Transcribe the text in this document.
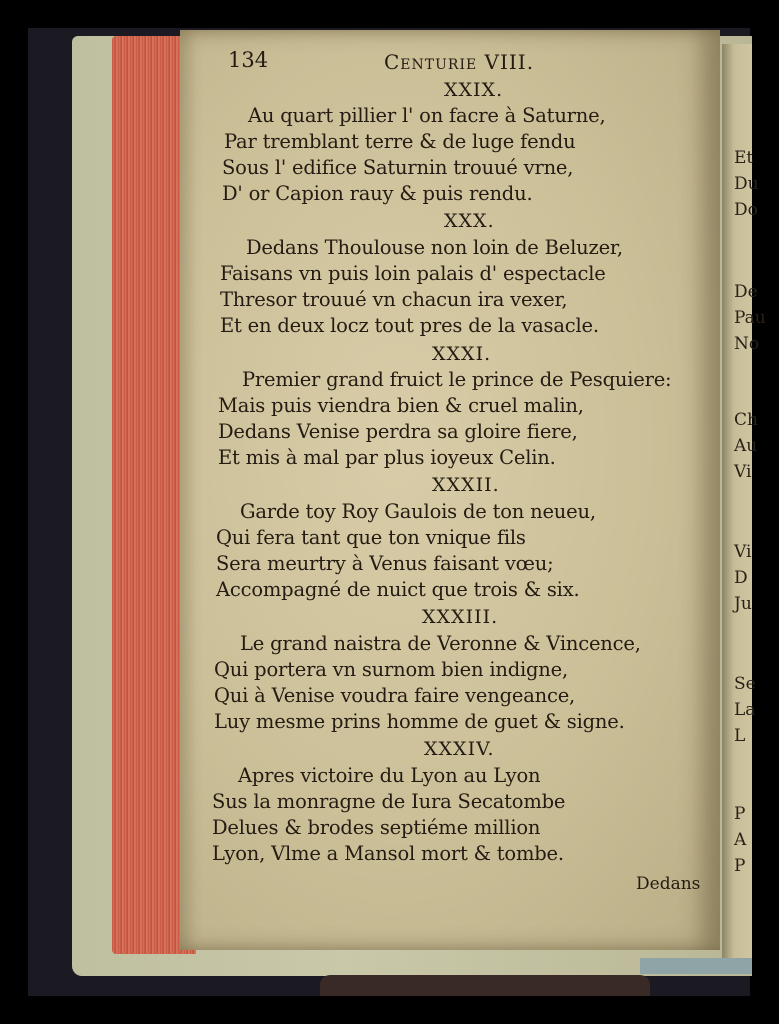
Et
Du
Do
De
Pau
No
Ch
Au
Vi
Vi
D
Ju
Se
La
L
P
A
P
134	Centurie VIII.
XXIX.
Au quart pillier l' on facre à Saturne,
Par tremblant terre & de luge fendu
Sous l' edifice Saturnin trouué vrne,
D' or Capion rauy & puis rendu.
XXX.
Dedans Thoulouse non loin de Beluzer,
Faisans vn puis loin palais d' espectacle
Thresor trouué vn chacun ira vexer,
Et en deux locz tout pres de la vasacle.
XXXI.
Premier grand fruict le prince de Pesquiere:
Mais puis viendra bien & cruel malin,
Dedans Venise perdra sa gloire fiere,
Et mis à mal par plus ioyeux Celin.
XXXII.
Garde toy Roy Gaulois de ton neueu,
Qui fera tant que ton vnique fils
Sera meurtry à Venus faisant vœu;
Accompagné de nuict que trois & six.
XXXIII.
Le grand naistra de Veronne & Vincence,
Qui portera vn surnom bien indigne,
Qui à Venise voudra faire vengeance,
Luy mesme prins homme de guet & signe.
XXXIV.
Apres victoire du Lyon au Lyon
Sus la monragne de Iura Secatombe
Delues & brodes septiéme million
Lyon, Vlme a Mansol mort & tombe.
Dedans
